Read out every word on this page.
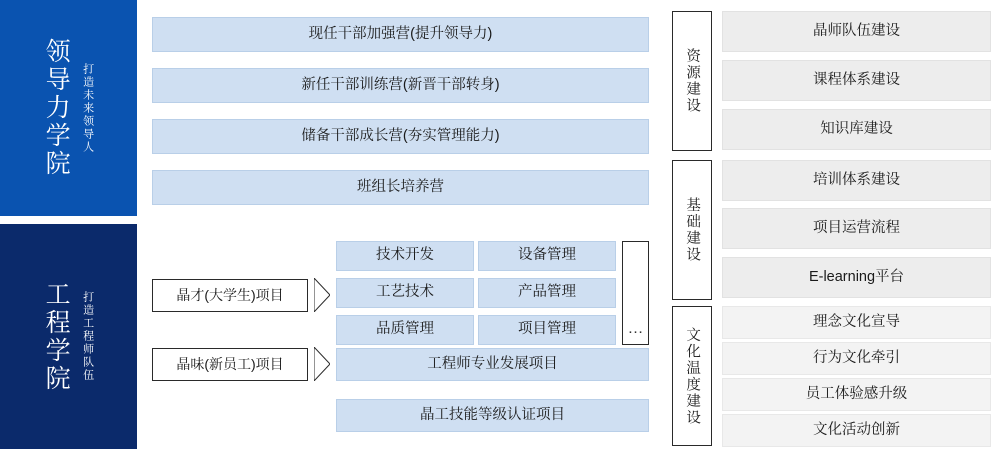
领导力学院 打造未来领导人
工程学院 打造工程师队伍
现任干部加强营(提升领导力)
新任干部训练营(新晋干部转身)
储备干部成长营(夯实管理能力)
班组长培养营
晶才(大学生)项目
晶味(新员工)项目
技术开发	设备管理
工艺技术	产品管理
品质管理	项目管理	…
工程师专业发展项目
晶工技能等级认证项目
资源建设
晶师队伍建设
课程体系建设
知识库建设
基础建设
培训体系建设
项目运营流程
E-learning平台
文化温度建设
理念文化宣导
行为文化牵引
员工体验感升级
文化活动创新
